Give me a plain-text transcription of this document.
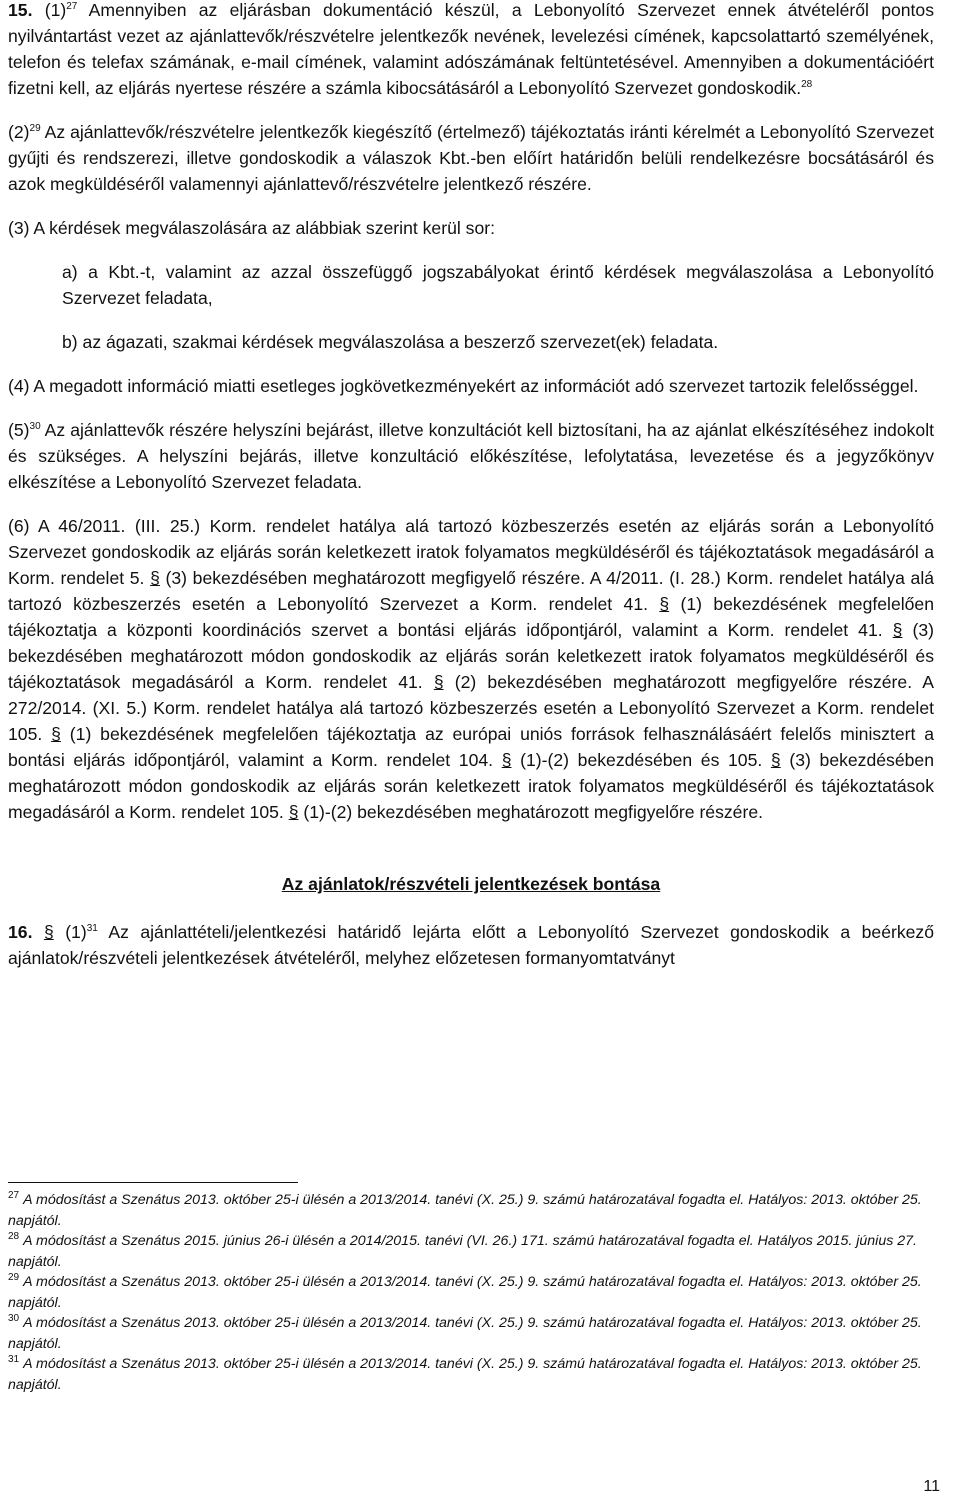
15. $(1)^{27}$ Amennyiben az eljárásban dokumentáció készül, a Lebonyolító Szervezet ennek átvételéről pontos nyilvántartást vezet az ajánlattevők/részvételre jelentkezők nevének, levelezési címének, kapcsolattartó személyének, telefon és telefax számának, e-mail címének, valamint adószámának feltüntetésével. Amennyiben a dokumentációért fizetni kell, az eljárás nyertese részére a számla kibocsátásáról a Lebonyolító Szervezet gondoskodik.$^{28}$

$(2)^{29}$ Az ajánlattevők/részvételre jelentkezők kiegészítő (értelmező) tájékoztatás iránti kérelmét a Lebonyolító Szervezet gyűjti és rendszerezi, illetve gondoskodik a válaszok Kbt.-ben előírt határidőn belüli rendelkezésre bocsátásáról és azok megküldéséről valamennyi ajánlattevő/részvételre jelentkező részére.

(3) A kérdések megválaszolására az alábbiak szerint kerül sor:

a) a Kbt.-t, valamint az azzal összefüggő jogszabályokat érintő kérdések megválaszolása a Lebonyolító Szervezet feladata,

b) az ágazati, szakmai kérdések megválaszolása a beszerző szervezet(ek) feladata.

(4) A megadott információ miatti esetleges jogkövetkezményekért az információt adó szervezet tartozik felelősséggel.

$(5)^{30}$ Az ajánlattevők részére helyszíni bejárást, illetve konzultációt kell biztosítani, ha az ajánlat elkészítéséhez indokolt és szükséges. A helyszíni bejárás, illetve konzultáció előkészítése, lefolytatása, levezetése és a jegyzőkönyv elkészítése a Lebonyolító Szervezet feladata.

(6) A 46/2011. (III. 25.) Korm. rendelet hatálya alá tartozó közbeszerzés esetén az eljárás során a Lebonyolító Szervezet gondoskodik az eljárás során keletkezett iratok folyamatos megküldéséről és tájékoztatások megadásáról a Korm. rendelet 5. § (3) bekezdésében meghatározott megfigyelő részére. A 4/2011. (I. 28.) Korm. rendelet hatálya alá tartozó közbeszerzés esetén a Lebonyolító Szervezet a Korm. rendelet 41. § (1) bekezdésének megfelelően tájékoztatja a központi koordinációs szervet a bontási eljárás időpontjáról, valamint a Korm. rendelet 41. § (3) bekezdésében meghatározott módon gondoskodik az eljárás során keletkezett iratok folyamatos megküldéséről és tájékoztatások megadásáról a Korm. rendelet 41. § (2) bekezdésében meghatározott megfigyelőre részére. A 272/2014. (XI. 5.) Korm. rendelet hatálya alá tartozó közbeszerzés esetén a Lebonyolító Szervezet a Korm. rendelet 105. § (1) bekezdésének megfelelően tájékoztatja az európai uniós források felhasználásáért felelős minisztert a bontási eljárás időpontjáról, valamint a Korm. rendelet 104. § (1)-(2) bekezdésében és 105. § (3) bekezdésében meghatározott módon gondoskodik az eljárás során keletkezett iratok folyamatos megküldéséről és tájékoztatások megadásáról a Korm. rendelet 105. § (1)-(2) bekezdésében meghatározott megfigyelőre részére.

Az ajánlatok/részvételi jelentkezések bontása

16. § $(1)^{31}$ Az ajánlattételi/jelentkezési határidő lejárta előtt a Lebonyolító Szervezet gondoskodik a beérkező ajánlatok/részvételi jelentkezések átvételéről, melyhez előzetesen formanyomtatványt

$^{27}$ A módosítást a Szenátus 2013. október 25-i ülésén a 2013/2014. tanévi (X. 25.) 9. számú határozatával fogadta el. Hatályos: 2013. október 25. napjától.

$^{28}$ A módosítást a Szenátus 2015. június 26-i ülésén a 2014/2015. tanévi (VI. 26.) 171. számú határozatával fogadta el. Hatályos 2015. június 27. napjától.

$^{29}$ A módosítást a Szenátus 2013. október 25-i ülésén a 2013/2014. tanévi (X. 25.) 9. számú határozatával fogadta el. Hatályos: 2013. október 25. napjától.

$^{30}$ A módosítást a Szenátus 2013. október 25-i ülésén a 2013/2014. tanévi (X. 25.) 9. számú határozatával fogadta el. Hatályos: 2013. október 25. napjától.

$^{31}$ A módosítást a Szenátus 2013. október 25-i ülésén a 2013/2014. tanévi (X. 25.) 9. számú határozatával fogadta el. Hatályos: 2013. október 25. napjától.

11
